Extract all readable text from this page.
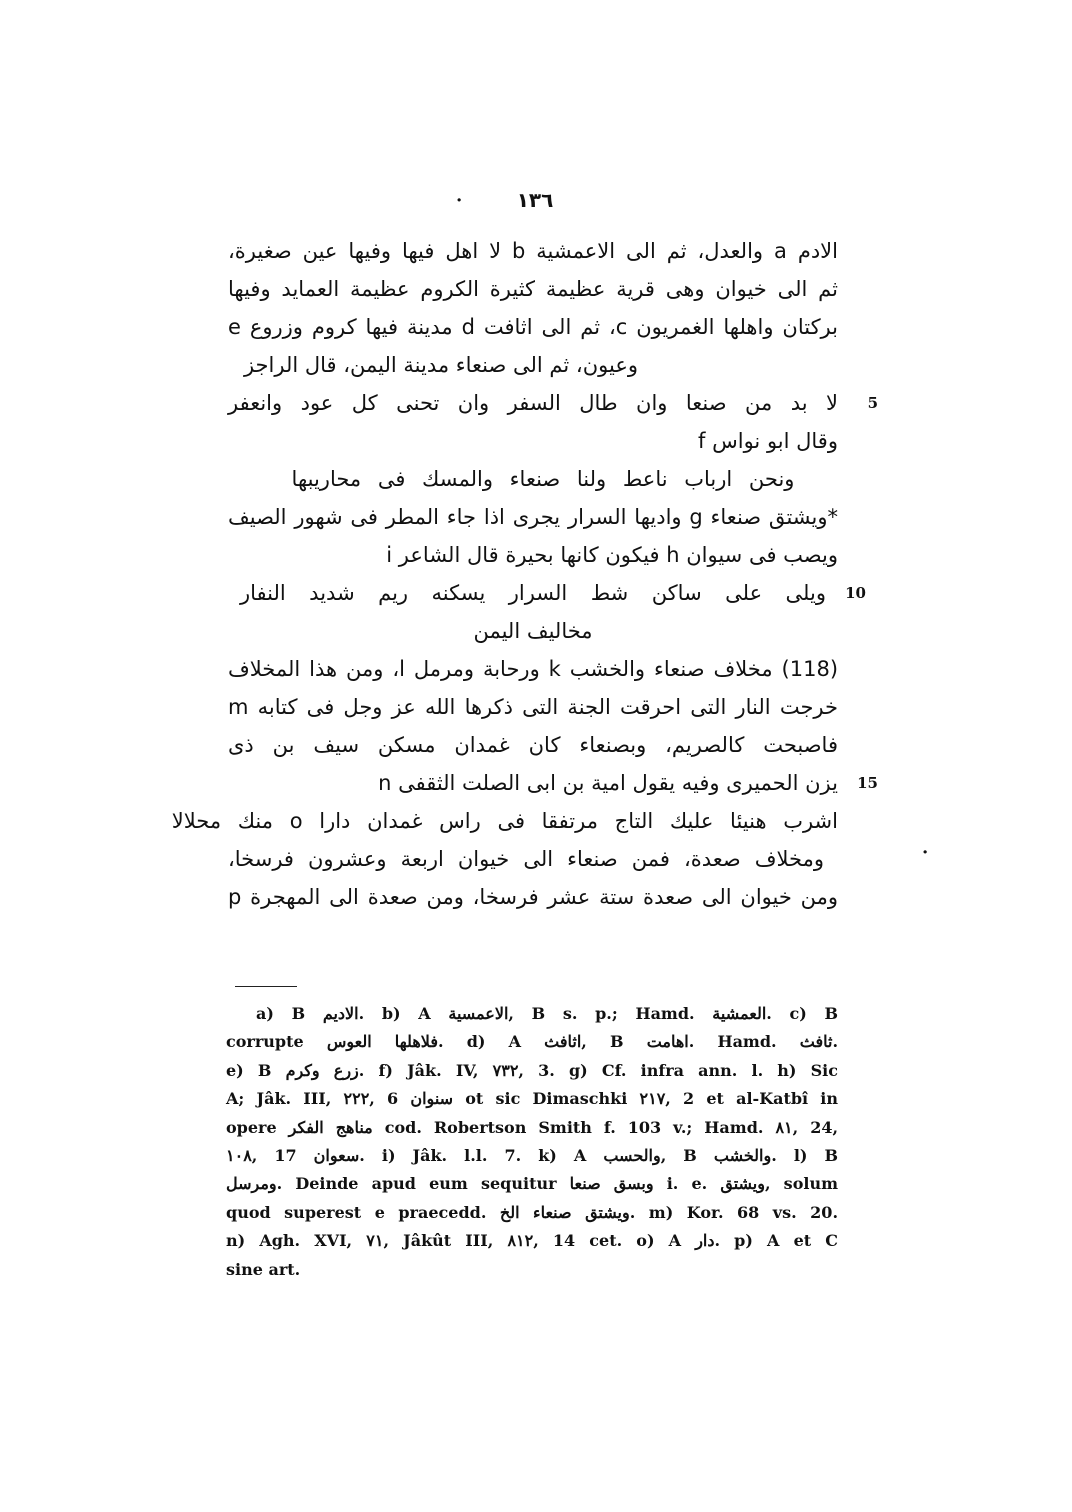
١٣٦
·
·
الادم a والعدل، ثم الى الاعمشية b لا اهل فيها وفيها عين صغيرة،
ثم الى خيوان وهى قرية عظيمة كثيرة الكروم عظيمة العمايد وفيها
بركتان واهلها الغمريون c، ثم الى اثافت d مدينة فيها كروم وزروع e
وعيون، ثم الى صنعاء مدينة اليمن، قال الراجز
لا بد من صنعا وان طال السفر وان تحنى كل عود وانعفر 5
وقال ابو نواس f
ونحن ارباب ناعط ولنا صنعاء والمسك فى محاريبها
*ويشتق صنعاء g واديها السرار يجرى اذا جاء المطر فى شهور الصيف
ويصب فى سيوان h فيكون كانها بحيرة قال الشاعر i
ويلى على ساكن شط السرار يسكنه ريم شديد النفار 10
مخاليف اليمن
(118) مخلاف صنعاء والخشب k ورحابة ومرمل l، ومن هذا المخلاف
خرجت النار التى احرقت الجنة التى ذكرها الله عز وجل فى كتابه m
فاصبحت كالصريم، وبصنعاء كان غمدان مسكن سيف بن ذى
يزن الحميرى وفيه يقول امية بن ابى الصلت الثقفى n 15
اشرب هنيئا عليك التاج مرتفقا فى راس غمدان دارا o منك محلالا
ومخلاف صعدة، فمن صنعاء الى خيوان اربعة وعشرون فرسخا،
ومن خيوان الى صعدة ستة عشر فرسخا، ومن صعدة الى المهجرة p
a) B الاديم. b) A الاعمسية, B s. p.; Hamd. العمشية. c) B
corrupte فلاهلها العوس. d) A اثافث, B اهامت. Hamd. ثافث.
e) B زرع وكرم. f) Jâk. IV, ٧٣٢, 3. g) Cf. infra ann. l. h) Sic
A; Jâk. III, ٢٢٢, 6 سنوان ot sic Dimaschki ٢١٧, 2 et al-Katbî in
opere مناهج الفكر cod. Robertson Smith f. 103 v.; Hamd. ٨١, 24,
١٠٨, 17 سعوان. i) Jâk. l.l. 7. k) A والحسب, B والخشب. l) B
ومرسل. Deinde apud eum sequitur وبسق صنعا i. e. ويشتق, solum
quod superest e praecedd. ويشتق صنعاء الخ. m) Kor. 68 vs. 20.
n) Agh. XVI, ٧١, Jâkût III, ٨١٢, 14 cet. o) A دار. p) A et C
sine art.
